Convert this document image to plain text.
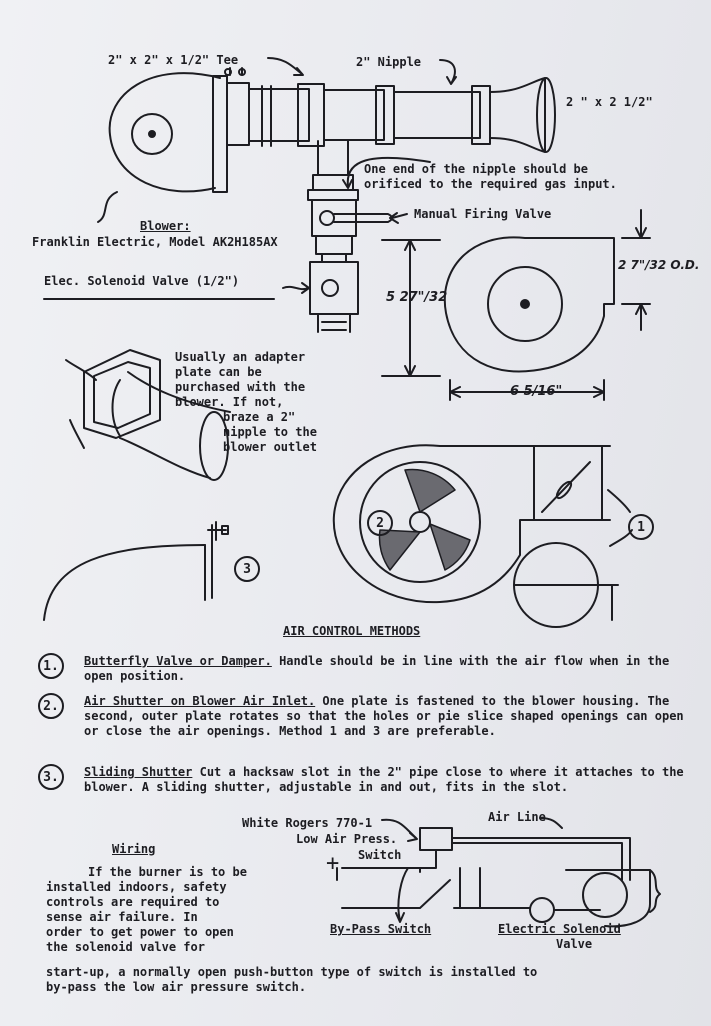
2" x 2" x 1/2" Tee	2" Nipple
2 " x 2 1/2"
One end of the nipple should be
orificed to the required gas input.
Manual Firing Valve
Blower:
Franklin Electric, Model AK2H185AX
Elec. Solenoid Valve (1/2")
5 27"/32
6 5/16"
2 7"/32 O.D.
Usually an adapter
plate can be
purchased with the
blower. If not,
braze a 2"
nipple to the
blower outlet
2	1
3
AIR CONTROL METHODS
1.	Butterfly Valve or Damper. Handle should be in line with the air flow when in the open position.
2.	Air Shutter on Blower Air Inlet. One plate is fastened to the blower housing. The second, outer plate rotates so that the holes or pie slice shaped openings can open or close the air openings. Method 1 and 3 are preferable.
3.	Sliding Shutter Cut a hacksaw slot in the 2" pipe close to where it attaches to the blower. A sliding shutter, adjustable in and out, fits in the slot.
White Rogers 770-1
Low Air Press.
Switch
Air Line
+
Wiring
If the burner is to be
installed indoors, safety
controls are required to
sense air failure. In
order to get power to open
the solenoid valve for
By-Pass Switch	Electric Solenoid
Valve
start-up, a normally open push-button type of switch is installed to
by-pass the low air pressure switch.
